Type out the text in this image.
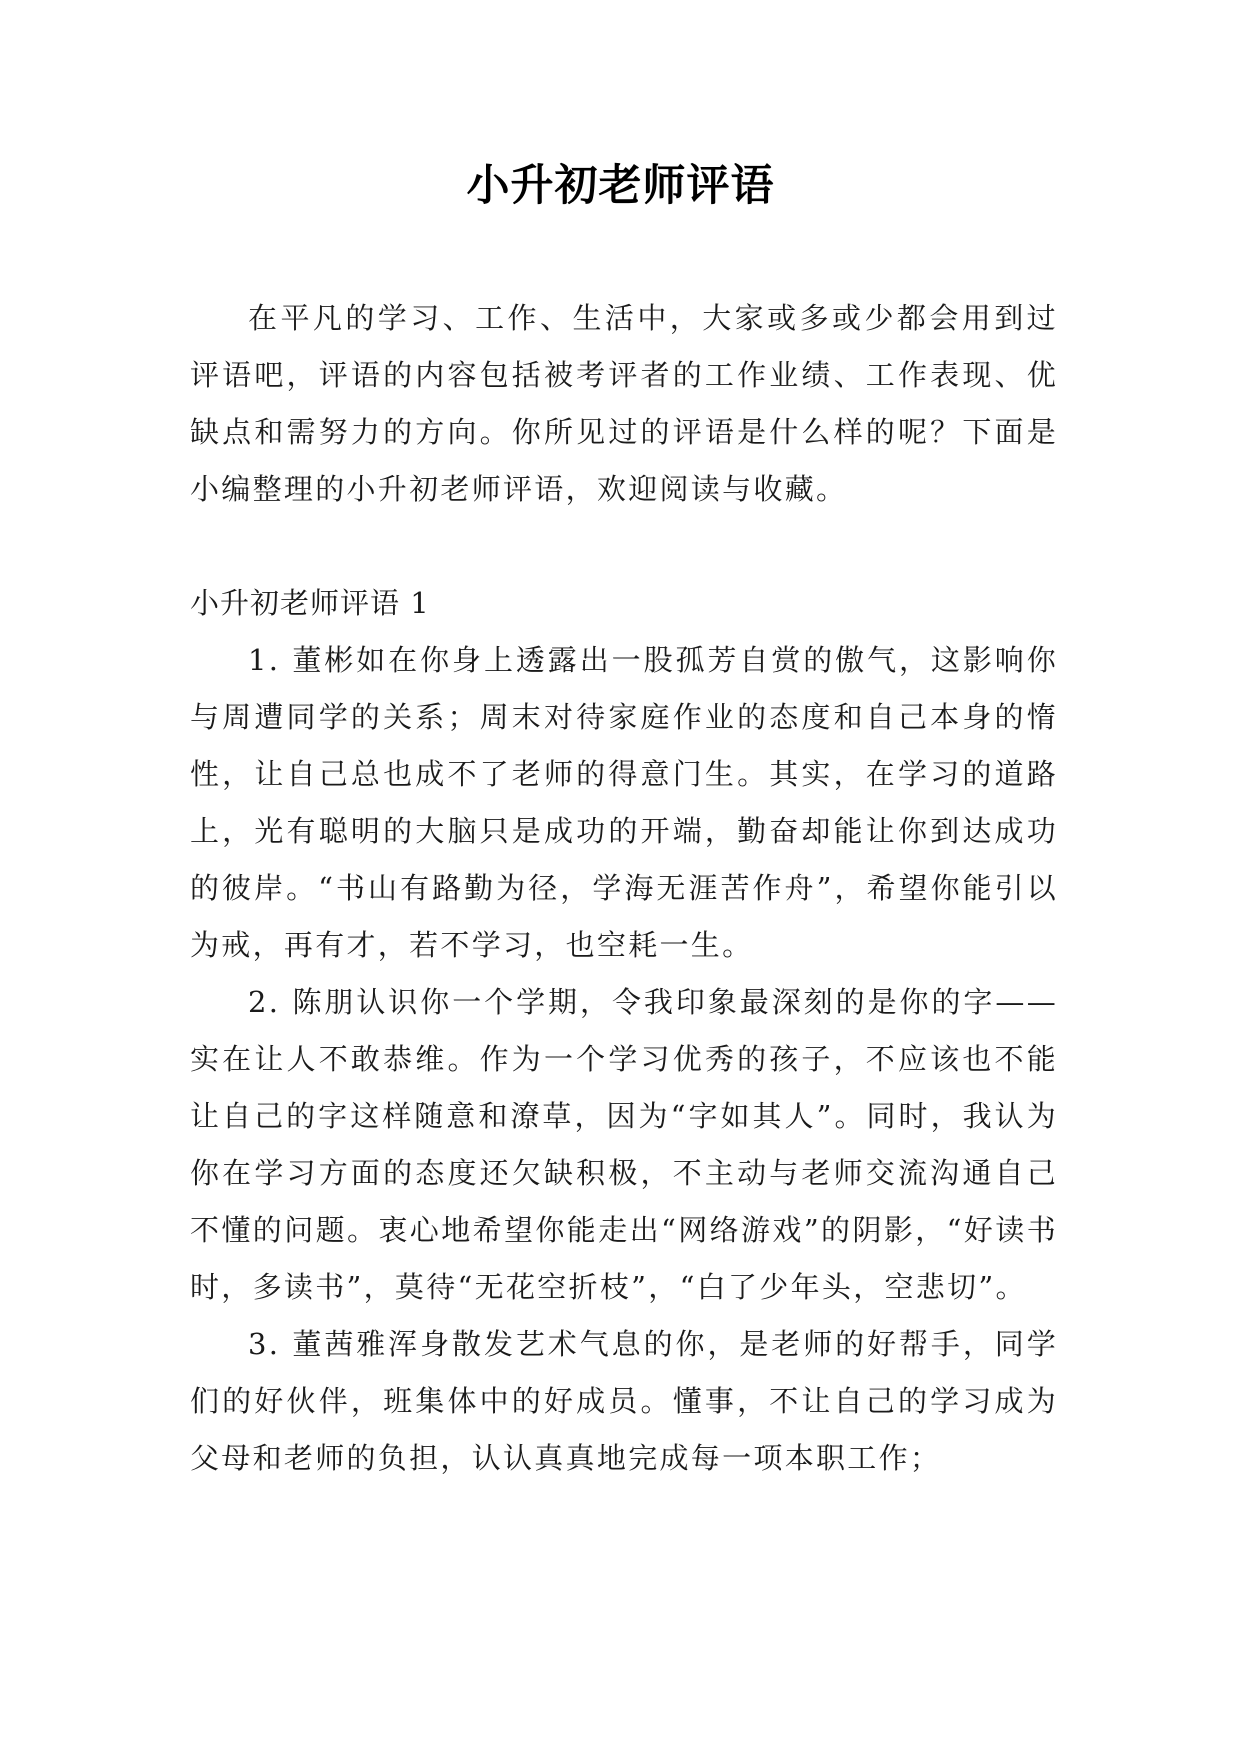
小升初老师评语

在平凡的学习、工作、生活中，大家或多或少都会用到过评语吧，评语的内容包括被考评者的工作业绩、工作表现、优缺点和需努力的方向。你所见过的评语是什么样的呢？下面是小编整理的小升初老师评语，欢迎阅读与收藏。

小升初老师评语 1

1. 董彬如在你身上透露出一股孤芳自赏的傲气，这影响你与周遭同学的关系；周末对待家庭作业的态度和自己本身的惰性，让自己总也成不了老师的得意门生。其实，在学习的道路上，光有聪明的大脑只是成功的开端，勤奋却能让你到达成功的彼岸。“书山有路勤为径，学海无涯苦作舟”，希望你能引以为戒，再有才，若不学习，也空耗一生。

2. 陈朋认识你一个学期，令我印象最深刻的是你的字——实在让人不敢恭维。作为一个学习优秀的孩子，不应该也不能让自己的字这样随意和潦草，因为“字如其人”。同时，我认为你在学习方面的态度还欠缺积极，不主动与老师交流沟通自己不懂的问题。衷心地希望你能走出“网络游戏”的阴影，“好读书时，多读书”，莫待“无花空折枝”，“白了少年头，空悲切”。

3. 董茜雅浑身散发艺术气息的你，是老师的好帮手，同学们的好伙伴，班集体中的好成员。懂事，不让自己的学习成为父母和老师的负担，认认真真地完成每一项本职工作；
